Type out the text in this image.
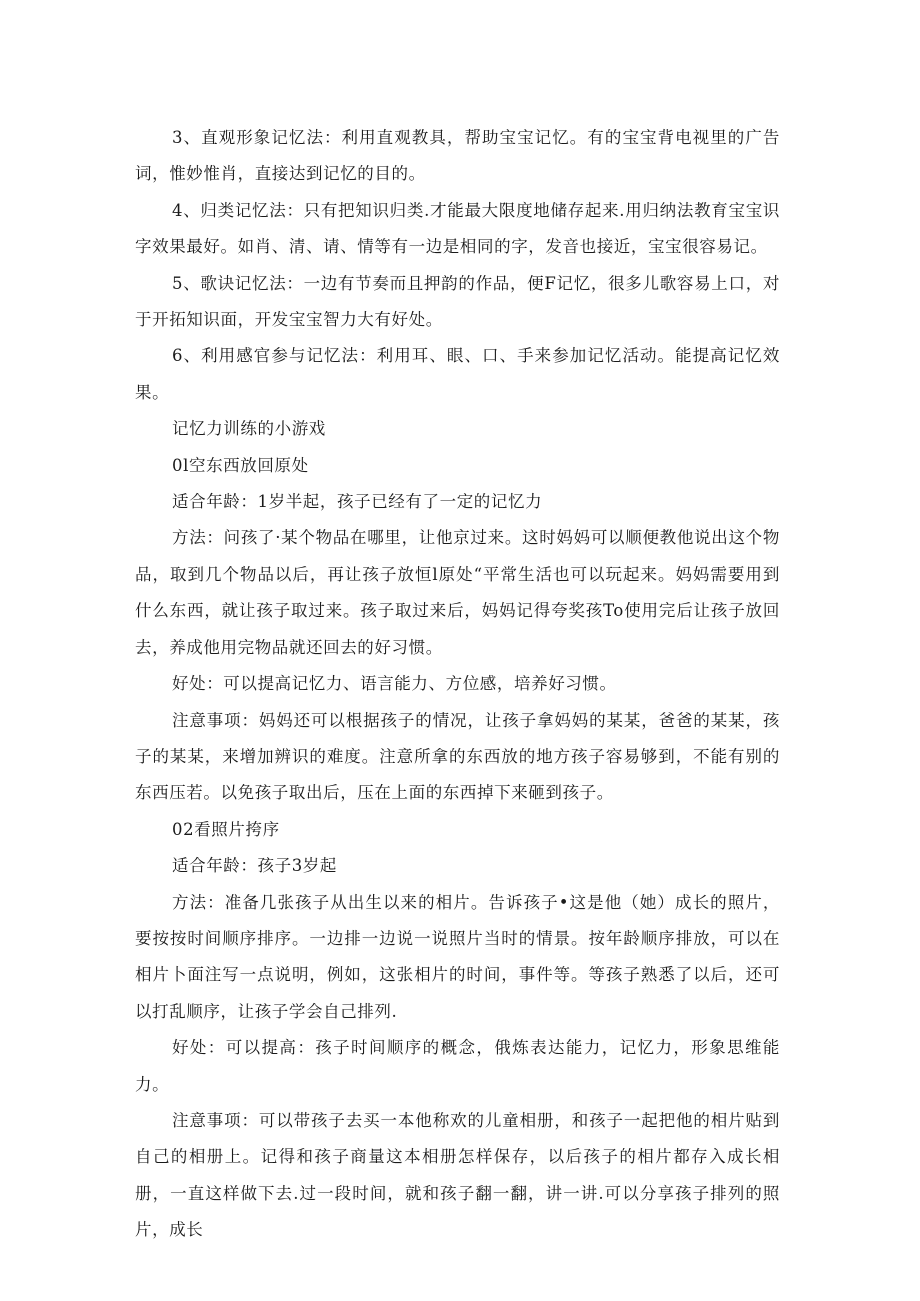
3、直观形象记忆法：利用直观教具，帮助宝宝记忆。有的宝宝背电视里的广告词，惟妙惟肖，直接达到记忆的目的。

4、归类记忆法：只有把知识归类.才能最大限度地储存起来.用归纳法教育宝宝识字效果最好。如肖、清、请、情等有一边是相同的字，发音也接近，宝宝很容易记。

5、歌诀记忆法：一边有节奏而且押韵的作品，便F记忆，很多儿歌容易上口，对于开拓知识面，开发宝宝智力大有好处。

6、利用感官参与记忆法：利用耳、眼、口、手来参加记忆活动。能提高记忆效果。

记忆力训练的小游戏

0l空东西放回原处

适合年龄：1岁半起，孩子已经有了一定的记忆力

方法：问孩了·某个物品在哪里，让他京过来。这时妈妈可以顺便教他说出这个物品，取到几个物品以后，再让孩子放恒l原处“平常生活也可以玩起来。妈妈需要用到什么东西，就让孩子取过来。孩子取过来后，妈妈记得夸奖孩To使用完后让孩子放回去，养成他用完物品就还回去的好习惯。

好处：可以提高记忆力、语言能力、方位感，培养好习惯。

注意事项：妈妈还可以根据孩子的情况，让孩子拿妈妈的某某，爸爸的某某，孩子的某某，来增加辨识的难度。注意所拿的东西放的地方孩子容易够到，不能有别的东西压若。以免孩子取出后，压在上面的东西掉下来砸到孩子。

02看照片挎序

适合年龄：孩子3岁起

方法：准备几张孩子从出生以来的相片。告诉孩子•这是他（她）成长的照片，要按按时间顺序排序。一边排一边说一说照片当时的情景。按年龄顺序排放，可以在相片卜面注写一点说明，例如，这张相片的时间，事件等。等孩子熟悉了以后，还可以打乱顺序，让孩子学会自己排列.

好处：可以提高：孩子时间顺序的概念，俄炼表达能力，记忆力，形象思维能力。

注意事项：可以带孩子去买一本他称欢的儿童相册，和孩子一起把他的相片贴到自己的相册上。记得和孩子商量这本相册怎样保存，以后孩子的相片都存入成长相册，一直这样做下去.过一段时间，就和孩子翻一翻，讲一讲.可以分享孩子排列的照片，成长
